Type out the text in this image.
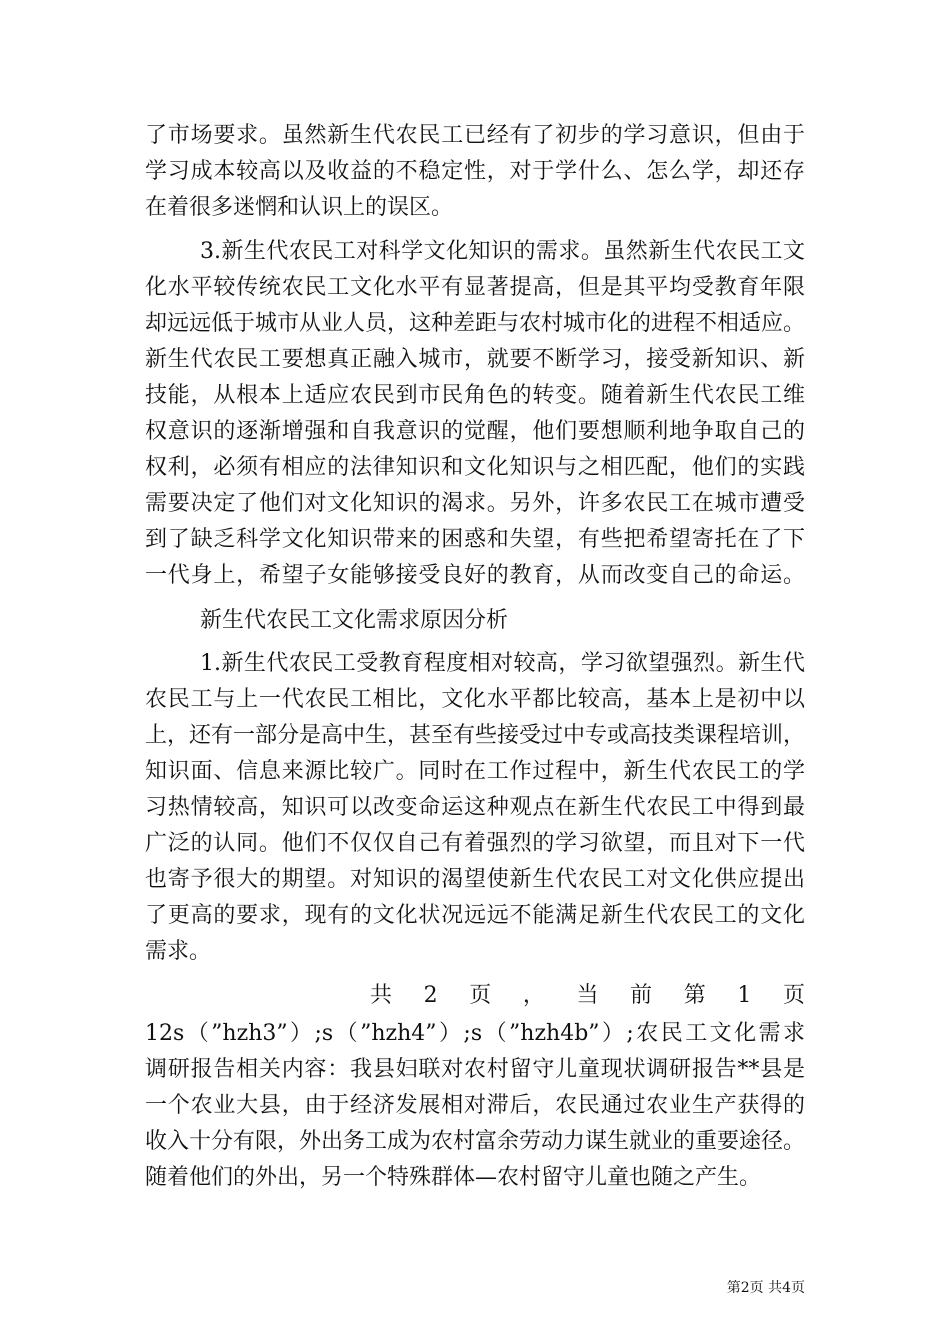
了市场要求。虽然新生代农民工已经有了初步的学习意识，但由于
学习成本较高以及收益的不稳定性，对于学什么、怎么学，却还存
在着很多迷惘和认识上的误区。
3.新生代农民工对科学文化知识的需求。虽然新生代农民工文
化水平较传统农民工文化水平有显著提高，但是其平均受教育年限
却远远低于城市从业人员，这种差距与农村城市化的进程不相适应。
新生代农民工要想真正融入城市，就要不断学习，接受新知识、新
技能，从根本上适应农民到市民角色的转变。随着新生代农民工维
权意识的逐渐增强和自我意识的觉醒，他们要想顺利地争取自己的
权利，必须有相应的法律知识和文化知识与之相匹配，他们的实践
需要决定了他们对文化知识的渴求。另外，许多农民工在城市遭受
到了缺乏科学文化知识带来的困惑和失望，有些把希望寄托在了下
一代身上，希望子女能够接受良好的教育，从而改变自己的命运。
新生代农民工文化需求原因分析
1.新生代农民工受教育程度相对较高，学习欲望强烈。新生代
农民工与上一代农民工相比，文化水平都比较高，基本上是初中以
上，还有一部分是高中生，甚至有些接受过中专或高技类课程培训，
知识面、信息来源比较广。同时在工作过程中，新生代农民工的学
习热情较高，知识可以改变命运这种观点在新生代农民工中得到最
广泛的认同。他们不仅仅自己有着强烈的学习欲望，而且对下一代
也寄予很大的期望。对知识的渴望使新生代农民工对文化供应提出
了更高的要求，现有的文化状况远远不能满足新生代农民工的文化
需求。
共 2 页 ， 当 前 第 1 页
12s（”hzh3”）;s（”hzh4”）;s（”hzh4b”）;农民工文化需求
调研报告相关内容：我县妇联对农村留守儿童现状调研报告**县是
一个农业大县，由于经济发展相对滞后，农民通过农业生产获得的
收入十分有限，外出务工成为农村富余劳动力谋生就业的重要途径。
随着他们的外出，另一个特殊群体—农村留守儿童也随之产生。
第2页 共4页
